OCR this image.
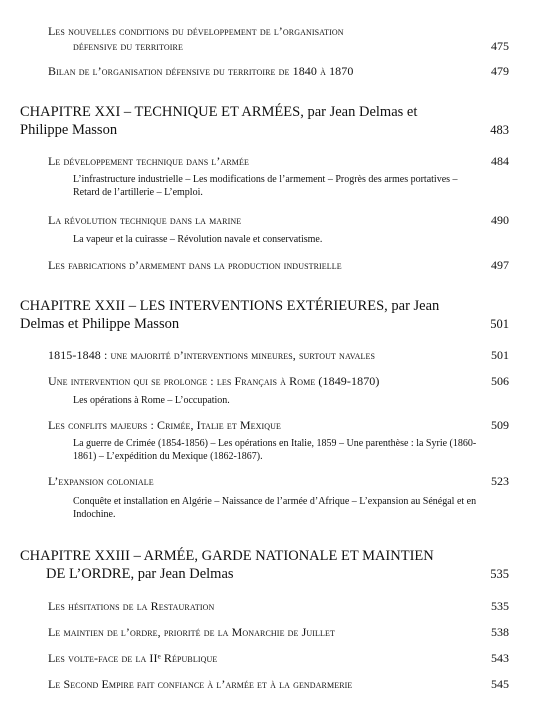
Les nouvelles conditions du développement de l’organisation
défensive du territoire	475
Bilan de l’organisation défensive du territoire de 1840 à 1870	479
CHAPITRE XXI – TECHNIQUE ET ARMÉES, par Jean Delmas et
Philippe Masson	483
Le développement technique dans l’armée	484
L’infrastructure industrielle – Les modifications de l’armement – Progrès des armes portatives – Retard de l’artillerie – L’emploi.
La révolution technique dans la marine	490
La vapeur et la cuirasse – Révolution navale et conservatisme.
Les fabrications d’armement dans la production industrielle	497
CHAPITRE XXII – LES INTERVENTIONS EXTÉRIEURES, par Jean
Delmas et Philippe Masson	501
1815-1848 : une majorité d’interventions mineures, surtout navales	501
Une intervention qui se prolonge : les Français à Rome (1849-1870)	506
Les opérations à Rome – L’occupation.
Les conflits majeurs : Crimée, Italie et Mexique	509
La guerre de Crimée (1854-1856) – Les opérations en Italie, 1859 – Une parenthèse : la Syrie (1860-1861) – L’expédition du Mexique (1862-1867).
L’expansion coloniale	523
Conquête et installation en Algérie – Naissance de l’armée d’Afrique – L’expansion au Sénégal et en Indochine.
CHAPITRE XXIII – ARMÉE, GARDE NATIONALE ET MAINTIEN
DE L’ORDRE, par Jean Delmas	535
Les hésitations de la Restauration	535
Le maintien de l’ordre, priorité de la Monarchie de Juillet	538
Les volte-face de la IIᵉ République	543
Le Second Empire fait confiance à l’armée et à la gendarmerie	545
